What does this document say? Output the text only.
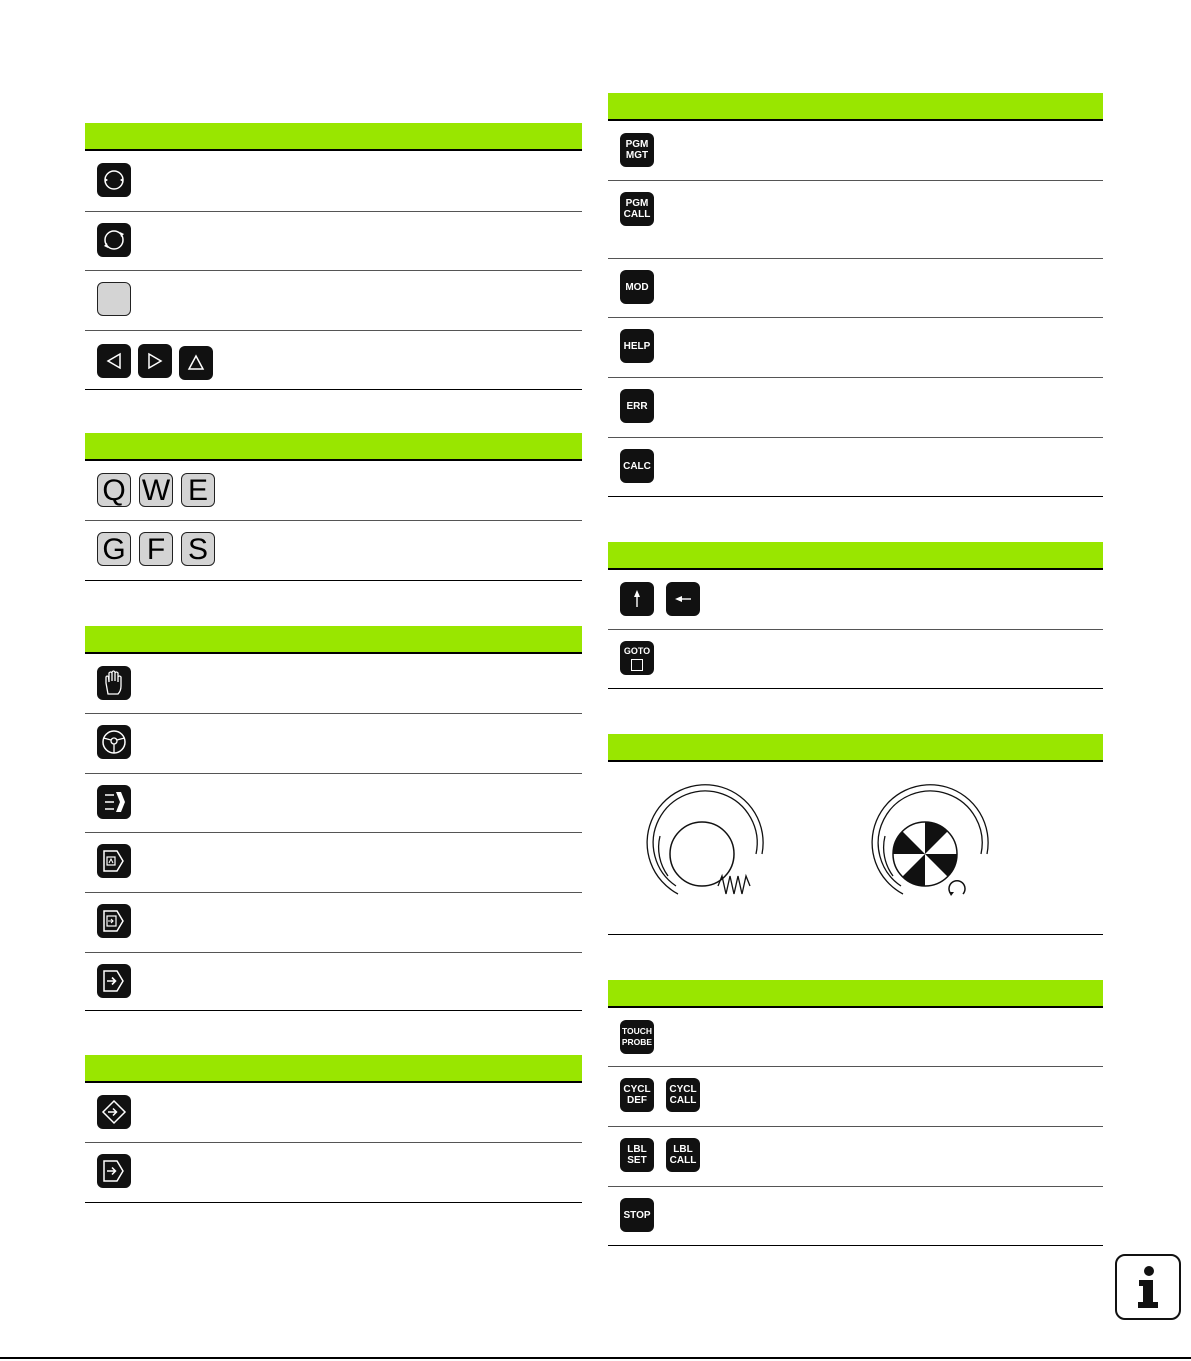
Q W E
G F S
PGM
MGT
PGM
CALL
MOD
HELP
ERR
CALC
GOTO
TOUCH
PROBE
CYCL
DEF
CYCL
CALL
LBL
SET
LBL
CALL
STOP
